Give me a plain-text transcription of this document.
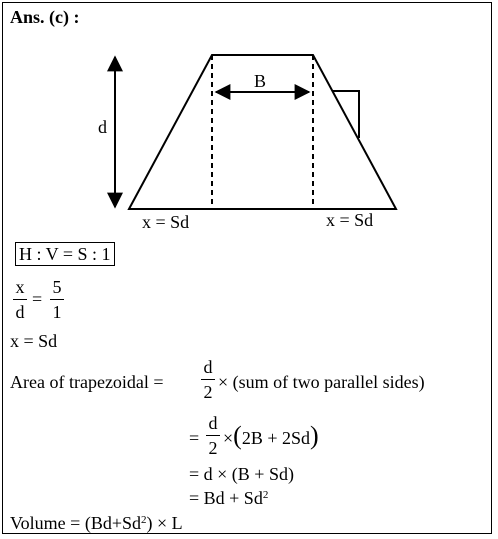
Ans. (c) :
B
d
x = Sd	x = Sd
H : V = S : 1
x
d
=
5
1
x = Sd
Area of trapezoidal =
d
2 × (sum of two parallel sides)
=
d
2 ×(2B + 2Sd)
= d × (B + Sd)
= $Bd + Sd^2$
Volume = $(Bd+Sd^2) \times L$
